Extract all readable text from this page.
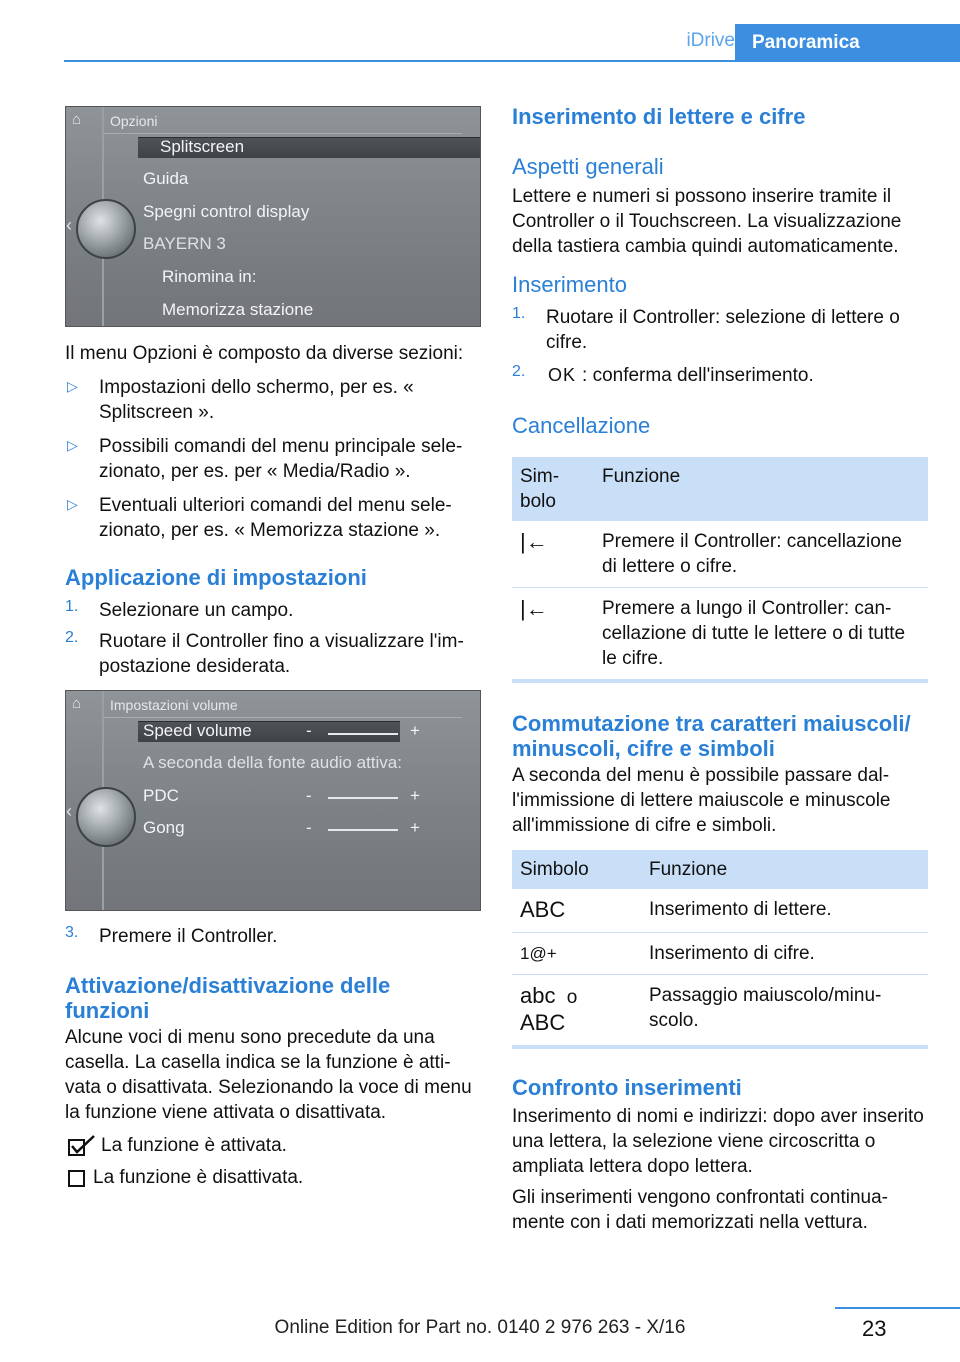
iDrive Panoramica
⌂	Opzioni
Splitscreen
Guida
Spegni control display
BAYERN 3
Rinomina in:
Memorizza stazione
‹

Il menu Opzioni è composto da diverse sezioni:

▷ Impostazioni dello schermo, per es. « Splitscreen ».

▷ Possibili comandi del menu principale selezionato, per es. per « Media/Radio ».

▷ Eventuali ulteriori comandi del menu selezionato, per es. « Memorizza stazione ».

Applicazione di impostazioni
1. Selezionare un campo.

2. Ruotare il Controller fino a visualizzare l'impostazione desiderata.

⌂	Impostazioni volume
Speed volume	-	+
A seconda della fonte audio attiva:
PDC	-	+
Gong	-	+
‹
3. Premere il Controller.

Attivazione/disattivazione delle funzioni

Alcune voci di menu sono precedute da una casella. La casella indica se la funzione è attivata o disattivata. Selezionando la voce di menu la funzione viene attivata o disattivata.

La funzione è attivata.

La funzione è disattivata.

Inserimento di lettere e cifre
Aspetti generali

Lettere e numeri si possono inserire tramite il Controller o il Touchscreen. La visualizzazione della tastiera cambia quindi automaticamente.

Inserimento
1. Ruotare il Controller: selezione di lettere o cifre.

2. OK : conferma dell'inserimento.

Cancellazione
Simbolo	Funzione
|←	Premere il Controller: cancellazione di lettere o cifre.
|←	Premere a lungo il Controller: cancellazione di tutte le lettere o di tutte le cifre.
Commutazione tra caratteri maiuscoli/ minuscoli, cifre e simboli

A seconda del menu è possibile passare dall'immissione di lettere maiuscole e minuscole all'immissione di cifre e simboli.

Simbolo	Funzione
ABC	Inserimento di lettere.
1@+	Inserimento di cifre.
abc o
ABC	Passaggio maiuscolo/minuscolo.
Confronto inserimenti

Inserimento di nomi e indirizzi: dopo aver inserito una lettera, la selezione viene circoscritta o ampliata lettera dopo lettera.

Gli inserimenti vengono confrontati continuamente con i dati memorizzati nella vettura.

23
Online Edition for Part no. 0140 2 976 263 - X/16
